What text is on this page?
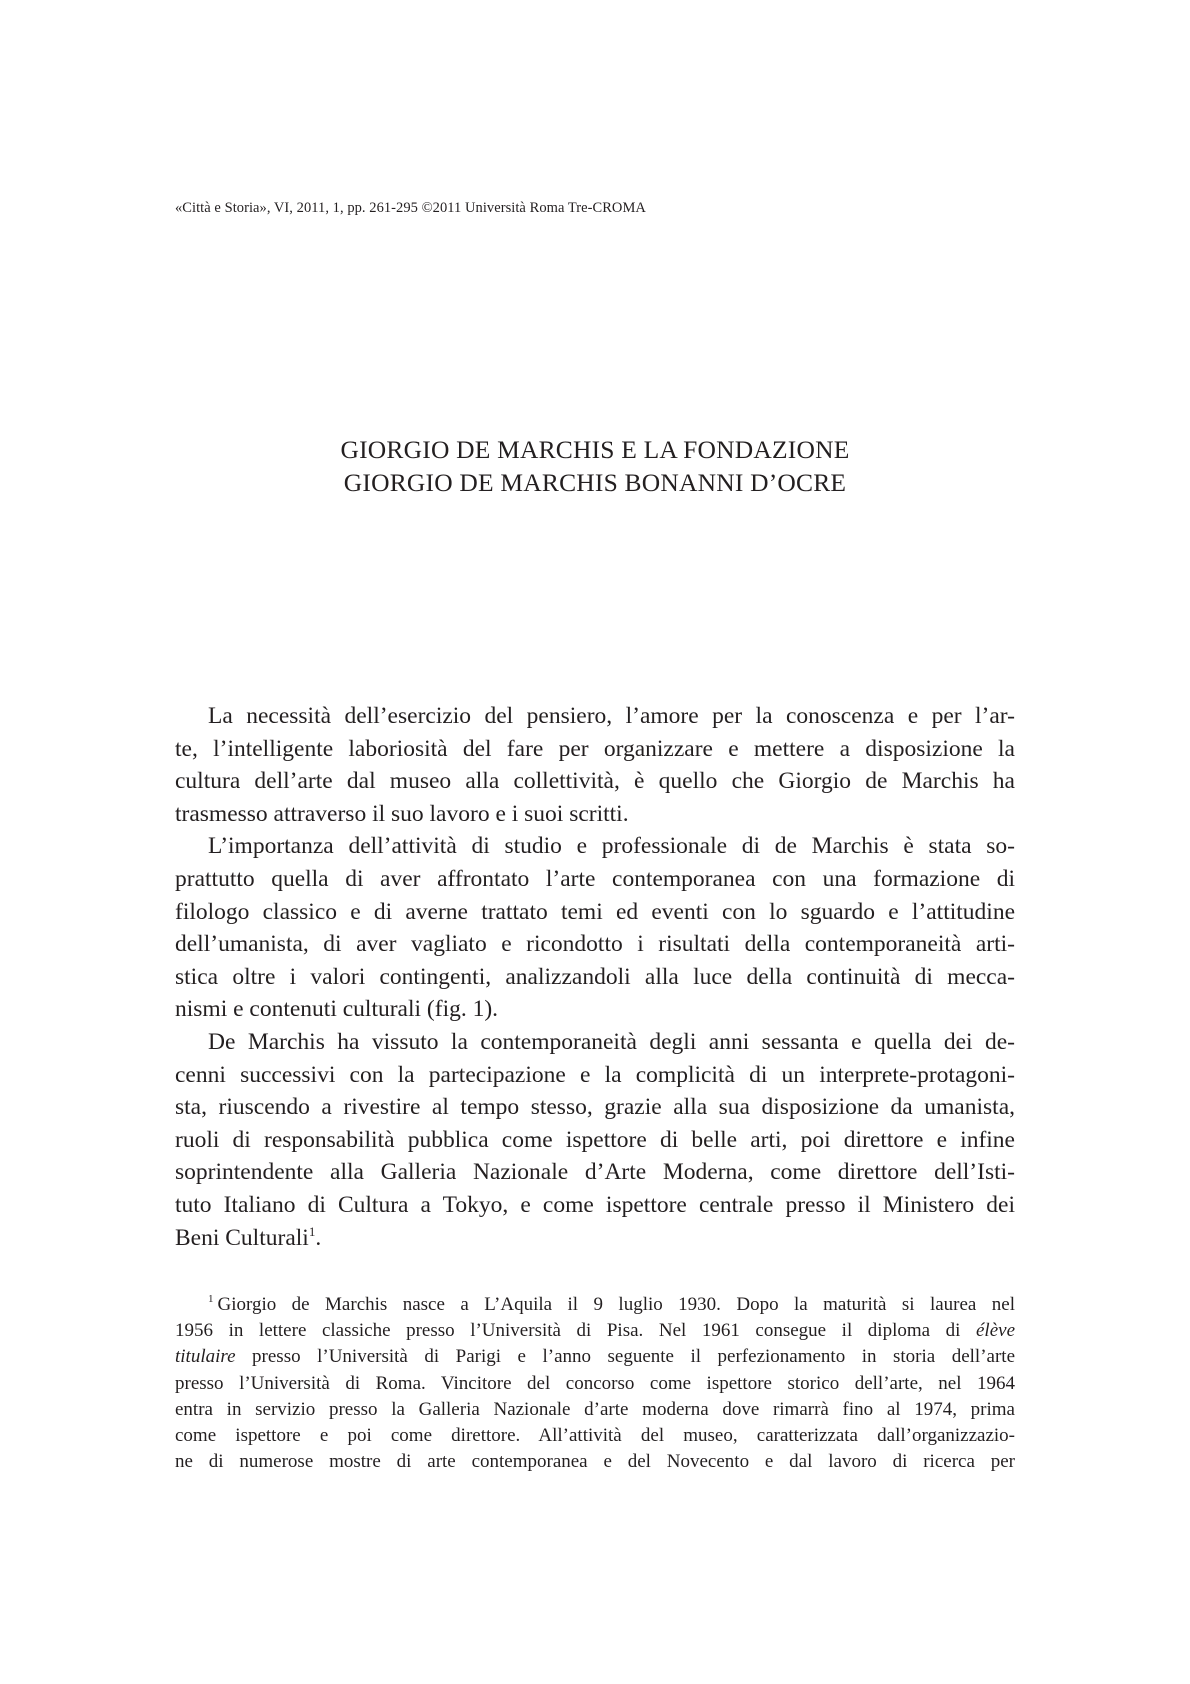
«Città e Storia», VI, 2011, 1, pp. 261-295 ©2011 Università Roma Tre-CROMA
GIORGIO DE MARCHIS E LA FONDAZIONE
GIORGIO DE MARCHIS BONANNI D’OCRE

La necessità dell’esercizio del pensiero, l’amore per la conoscenza e per l’ar-
te, l’intelligente laboriosità del fare per organizzare e mettere a disposizione la
cultura dell’arte dal museo alla collettività, è quello che Giorgio de Marchis ha
trasmesso attraverso il suo lavoro e i suoi scritti.

L’importanza dell’attività di studio e professionale di de Marchis è stata so-
prattutto quella di aver affrontato l’arte contemporanea con una formazione di
filologo classico e di averne trattato temi ed eventi con lo sguardo e l’attitudine
dell’umanista, di aver vagliato e ricondotto i risultati della contemporaneità arti-
stica oltre i valori contingenti, analizzandoli alla luce della continuità di mecca-
nismi e contenuti culturali (fig. 1).

De Marchis ha vissuto la contemporaneità degli anni sessanta e quella dei de-
cenni successivi con la partecipazione e la complicità di un interprete-protagoni-
sta, riuscendo a rivestire al tempo stesso, grazie alla sua disposizione da umanista,
ruoli di responsabilità pubblica come ispettore di belle arti, poi direttore e infine
soprintendente alla Galleria Nazionale d’Arte Moderna, come direttore dell’Isti-
tuto Italiano di Cultura a Tokyo, e come ispettore centrale presso il Ministero dei
Beni Culturali$^1$.

$^1$ Giorgio de Marchis nasce a L’Aquila il 9 luglio 1930. Dopo la maturità si laurea nel
1956 in lettere classiche presso l’Università di Pisa. Nel 1961 consegue il diploma di élève
titulaire presso l’Università di Parigi e l’anno seguente il perfezionamento in storia dell’arte
presso l’Università di Roma. Vincitore del concorso come ispettore storico dell’arte, nel 1964
entra in servizio presso la Galleria Nazionale d’arte moderna dove rimarrà fino al 1974, prima
come ispettore e poi come direttore. All’attività del museo, caratterizzata dall’organizzazio-
ne di numerose mostre di arte contemporanea e del Novecento e dal lavoro di ricerca per
